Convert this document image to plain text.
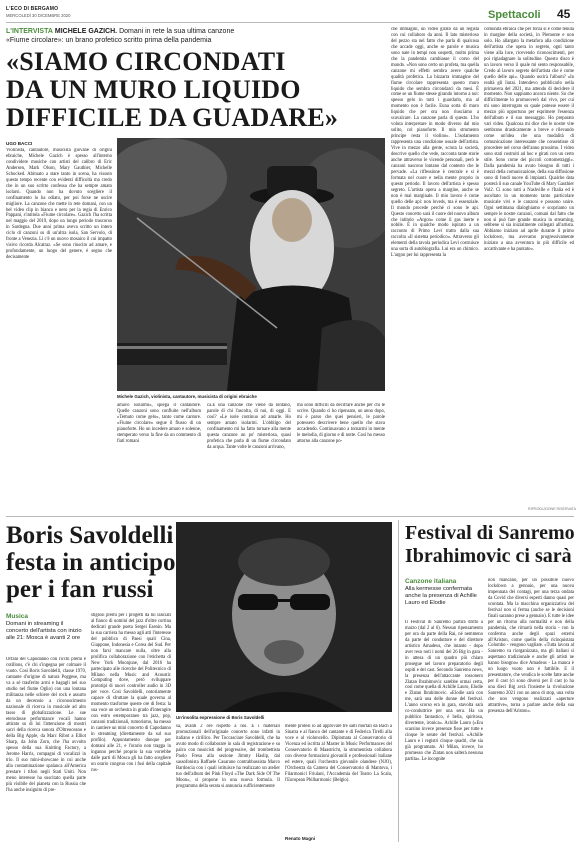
L'ECO DI BERGAMO
MERCOLEDÌ 30 DICEMBRE 2020	Spettacoli 45
L'INTERVISTA MICHELE GAZICH. Domani in rete la sua ultima canzone
«Fiume circolare»: un brano profetico scritto prima della pandemia
«SIAMO CIRCONDATI
DA UN MURO LIQUIDO
DIFFICILE DA GUADARE»
UGO BACCI
Michele Gazich, violinista, cantautore, musicista di origini ebraiche

Violinista, cantautore, musicista giovane di origini ebraiche, Michele Gazich è spesso all'interno condividere musiche con artisti del calibro di Eric Andersen, Mark Olson, Mary Gauthier, Michelle Schocked. Abituato a stare tanto in scena, ha vissuto questo tempo recente con evidenti difficoltà ma credo che in un suo scritto confessa che ha sempre amato isolarsi. Quando non ha dovuto scegliere il confinamento lo ha odiato, per poi forse ne uscire migliore. La canzone che mette in rete domani, con un bel video clip in bianco e nero per la regia di Enrico Pappani, s'intitola «Fiume circolare». Gazich l'ha scritta nel maggio del 2019, dopo un lungo periodo trascorso in Sardegna. Due anni prima aveva scritto un intero ciclo di canzoni su di un'altra isola, San Servolo, di fronte a Venezia. Lì c'è un nuovo mosaico il cui impatto visivo ricorda Alcatraz. «Se sono riuscito ad amare, e profondamente, un luogo del genere, è segno che decisamente

amavo isolarmi», spiega il cantautore. Quelle canzoni sono confluite nell'album «Temuto come gelo», tanto come cantore. «Fiume circolare» segue il flusso di un pianoforte. Ho un incedere amaro e solenne, stemperato verso la fine da un commento di fiati romani

ca.E una canzone che viene da lontano, parole di chi l'ascolta, di noi, di oggi. E così? «Le isole continuo ad amarle. Ho sempre amato isolarmi. L'obbligo del confinamento mi ha fatto tornare alla mente questa canzone un po' misteriosa, quasi profetica che parla di un fiume circondato da acqua. Tante volte le canzoni arrivano,

ma sono difficili da decifrare anche per chi le scrive. Quando ci ho ripensato, un anno dopo, mi è parso che quei pensieri, le parole potessero descrivere bene quello che stava accadendo. Continuavano a tornarmi in mente le melodia, di giorno e di notte. Così ho messo attorno alla canzone po-

che immagini, un video girato da un regista con cui collaboro da anni. Il lato misterioso del pezzo sta nel fatto che parla di qualcosa che accade oggi, anche se parole e musica sono nate in tempi non sospetti, molto prima che la pandemia cambiasse il corso del mondo. «Non sono certo un profeta, ma quella canzone mi effetti sembra avere qualche qualità profetica. La bizzarra immagine del fiume circolare rappresenta questo muro liquido che sembra circondarci da mesi. È come se un fiume stesse girando intorno a noi: spesso gelo in tutti i guardarlo, ma al momento non è facile. Euna sorta di muro liquido che per ora non riusciamo a scavalcare. La canzone parla di questo. L'ho voluta interpretare in modo diverso dal mio solito, col pianoforte. Il mio strumento principe resta il violino». L'isolamento rappresenta una condizione usuale dell'artista. Vive in mezzo alla gente, scruta la società, descrive quello che vede, racconta tante storie anche attraverso le vicende personali, però le canzoni nascono lontano dal contesto che le pervade. «La riflessione è centrale e si è formata nel cuore e nella mente proprio in questo periodo. Il lavoro dell'artista è spesso segreto. L'artista opera a margine, anche se non è mai marginale. Il mio lavoro è come quello delle api: non loveds, ma è essenziale. Il mondo procede perché ci sono le api. Questo concetto sarà il cuore del nuovo album che intitolo «Argon» come il gas inerte e nobile. È in qualche modo ispirato a un racconto di Primo Levi tratto dalla sua raccolta «Il sistema periodico». Attraverso gli elementi della tavola periodica Levi costruisce una sorta di autobiografia. Lui era un chimico. L'argon per lui rappresenta la

comunità ebraica che per forza si è come tenuta in margine della società, in Piemonte e non solo. Ho allargato la metafora alla condizione dell'artista che opera in segreto, ogni tanto viene alla luce, ricevendo riconoscimenti, per poi rigiadagnare la solitudine. Questo disco è un lavoro verso il quale mi sento responsabile, Credo al lavoro segreto dell'artista che è come quello delle api». Quando uscirà l'album? «In realtà gli liutai. Intendevo pubblicarlo nella primavera del 2021, ma attendo di decidere il momento. Non sappiamo ancora niente. So che difficilmente lo promuoverò dal vivo, per cui mi sono interrogato su quale potesse essere il mezzo più opportuno per esprimere l'essenza dell'album e il suo messaggio. Ho preparato vari video. Qualcosa mi dice che le nostre vite sembrano drasticamente a breve e rilevando come un'idea che una modalità di comunicazione interessante che consentisse di procedere nel corso dell'anno prossimo. I video sono stati costruiti ad hoc e girati con un certo stile. Sono come dei piccoli cortometraggi». Dalla pandemia ha avuto bisogno di tutti i mezzi della comunicazione, della sua diffusione sono di fondi nuove di impianti. Qualche data posterà il suo canale YouTube di Mary Gauthier Vol2. Ci sono tutti a Nashville e l'Italia ed è ascoltato in un momento tanto particolare musicale vivi e le canzoni e possono unire. Ogni settimana dialoghiamo e scopriamo un sempre le nostre canzoni, comuni dal fatto che non si può fare grande musica in streaming, sebbene si sia inizialmente collegati all'artista. Abbiamo iniziato ad aprile durante il primo lockdown, ma avevamo progressivamente iniziato a una avventura in più difficile ed accattivante e ha puntato».

RIPRODUZIONE RISERVATA
Boris Savoldelli
festa in anticipo
per i fan russi
Musica
Domani in streaming il concerto dell'artista con inizio alle 21: Mosca è avanti 2 ore
Un'insolita espressione di Boris Savoldelli

Orfani del Capodanno con ricchi premi e cotillons, c'è chi s'ingegna per colmare il vuoto. Così Boris Savoldelli, classe 1970, cantante d'origine di natura Poggese, ma va a sé trasferito armi e bagagli nel suo studio nel fiume Oglio) con una lontana militanza nelle schiere del rock e assurto da un decennio a riconoscimento nazionale di ricerca in musicale ad alto tasso di globalizzazione. Le sue eterodosse performance vocali hanno attirato su di lui l'attenzione di mostri sacri della ricerca sonora d'Oltreoceano e della Big Apple, da Marc Ribot a Elliot Sharp, da John Zorn, che l'ha avvolto spesso della sua Knitting Factory, a Jerome Harris, compagni di vocalizzi in trio. Il suo mini-showcase in cui anche alla contaminazione spalanca all'America prestare i tifosi negli Stati Uniti. Non meno interesse ha suscitato quella parte più visibile del pianeta con la Russia che l'ha anche insignito di pre-

stigiosi premi per i progetti da lui lanciati al fianco di uomini del jazz d'oltre cortina dedicati grande poeta Sergei Esenin. Ma la sua carriera ha messo agli atti l'interesse del pubblico di Paesi quali Cina, Giappone, Indonesia e Corea del Sud. Per non farsi mancare nulla, oltre alla prolifica collaborazione con l'etichetta di New York Moonjune, dal 2016 ha partecipato alle ricerche del Politecnico di Milano nella Music and Acoustic Computing dove, però sviluppare prototipi di nuovi controller audio in 3D per voce. Così Savoldelli, notoriamente capace di sfruttare la quale governa al momento trasforme queste ore di festa: la sua voce un orchestra in grado d'interagire con estro estemporaneo tra jazz, pop, canzoni tradizionali, rumorismo, ha messo in cantiere un mini concerto di Capodanno in streaming (direttamente da sul suo profilo). Appuntamento dunque per domani alle 21, e l'orario non tragga in inganno perché proprio la sua vorrebbe dalle parti di Mosca gli ha fatto scegliere un orario congruo con i fusi della capitale rus-

sa, avanti 2 ore rispetto a noi. E i materiali promozionali dell'originale concerto sono infatti in italiano e cirillico. Per Toccasciare Savoldelli, che ha avuto modo di collaborare in sala di registrazione e su palco con musicisti del progressive, del trombettista Paolo Fresu alla sezione Jimmy Haslip, dal sassofonista Raffaele Casarano contrabbassista Marco Bardoscia con i quali istituisce ha realizzato un atelier tuo dell'album dei Pink Floyd «The Dark Side Of The Moon», si propone in una nuova formula. Il programma della serata si annuncia sufficientemente

mente protesi io ad approvare tre salti mortali da Bach a Sinatra e al fianco del cantante e di Federica Tirelli alla voce e al violoncello. Diplomata al Conservatorio di Vicenza ed iscritta al Master in Music Performances del Conservatorio di Maastricht, la strumentista collabora con diverse formazioni giovanili e professionali italiane ed estere, quali l'orchestra giovanile olandese (NJO), l'Orchestra da Camera del Conservatorio di Mantova, i Filarmonici Friulani, l'Accademia del Teatro La Scala, l'European Philharmonic (Belgio).

Renato Magni
Festival di Sanremo
Ibrahimovic ci sarà
Canzone italiana
Alla kermesse confermata anche la presenza di Achille Lauro ed Elodie

Il Festival di Sanremo partirà dritto a marzo (dal 2 al 6). Nessun ripensamento per ora da parte della Rai, né nemmeno da parte del conduttore e del direttore artistico Amadeus, che intanto - dopo aver reso noti i nomi dei 26 Big in gara - in attesa di un quadro più chiaro prosegue nel lavoro preparatorio degli ospiti e del cast. Secondo Sanremo news, la presenza dell'attaccante rossonero Zlatan Ibrahimovic sarebbe ormai certa, così come quella di Achille Lauro, Elodie e Zlatan Ibrahimovic. «Elodie sarà con me, sarà una delle donne del festival. L'anno scorso era in gara, stavolta sarà co-conduttrice per una sera. Ha un pubblico fantastico, è bella, spiritosa, divertente, ironica». Achille Lauro («Era scarsino invece presenze fisse per tutte e cinque le serate del festival. «Achille Lauro e i registri cinque quadri, che sia già programato. Al Milan, invece, ho promesso che Zlatan non salterà nessuna partita». Le incognite

non mancano, per un possibile nuovo lockdown a gennaio, per una nuova impennata dei contagi, per una terza ondata da Covid che diversi esperti danno quasi per scontata. Ma la macchina organizzativa del festival non si ferma (anche se le decisioni finali saranno prese a gennaio). E tutte le idee per un ritorno alla normalità e non della pandemia, che rimarrà nella storia - con la conferma anche degli spazi esterni all'Ariston, come quello della ricinquistata Colombo - vengono vagliate. «Tutta lavora al Sanremo va riorganizzata, ma gli italiani si aspettano tradizionale e anche gli artisti ne hanno bisogno» dice Amadeus - La manca è un luogo vuoto non è fattibile. E il presentatore, che vendica le scelte fatte anche per il cast (ci sono diversi per il cast (o ha una dieci Big avrà l'insieme la rivoluzione Sanremo 2021 con un anno di stop, una volta che non vengono realizzati «aperture attrattive», torna a parlare anche della sua presenza dell'Ariston».
